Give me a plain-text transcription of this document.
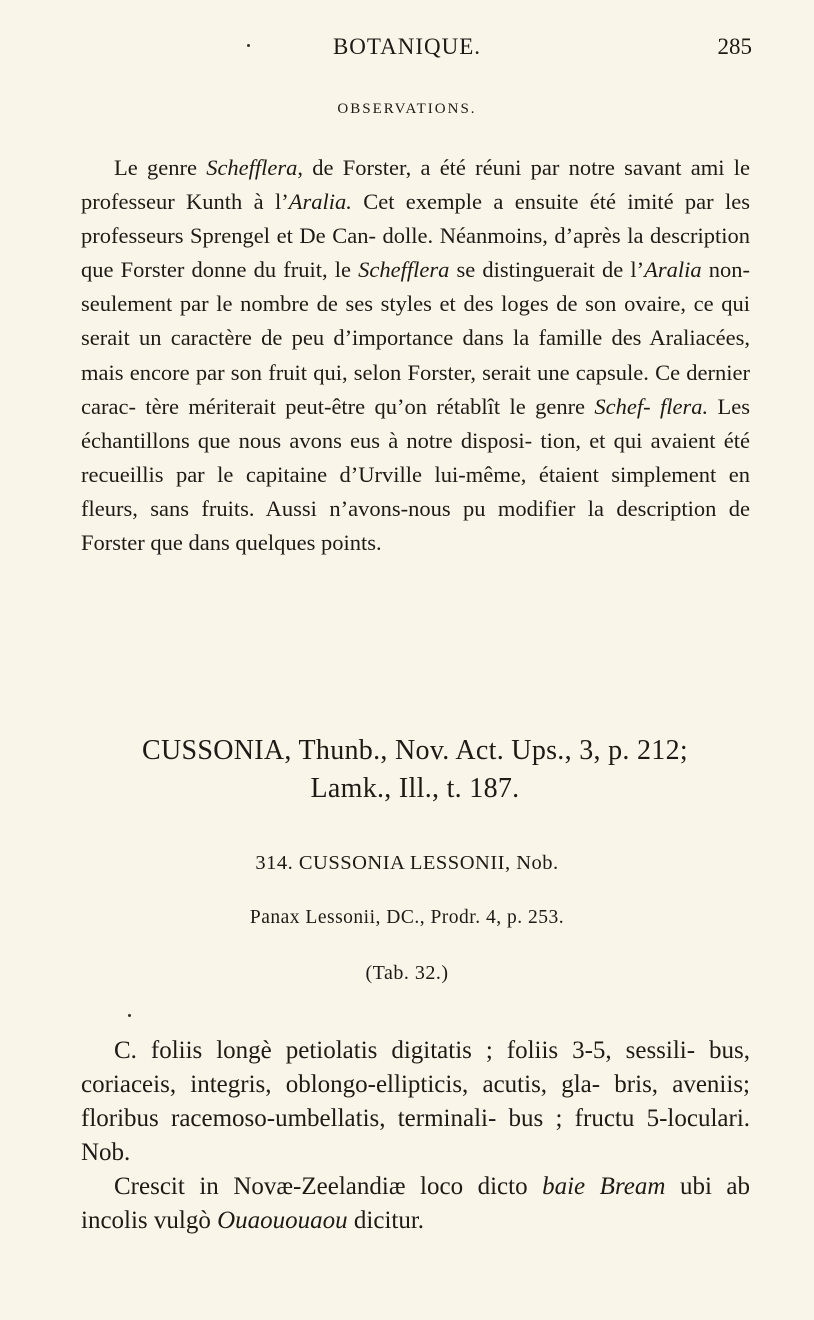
BOTANIQUE.	285
OBSERVATIONS.

Le genre Schefflera, de Forster, a été réuni par notre savant ami le professeur Kunth à l’Aralia. Cet exemple a ensuite été imité par les professeurs Sprengel et De Can- dolle. Néanmoins, d’après la description que Forster donne du fruit, le Schefflera se distinguerait de l’Aralia non- seulement par le nombre de ses styles et des loges de son ovaire, ce qui serait un caractère de peu d’importance dans la famille des Araliacées, mais encore par son fruit qui, selon Forster, serait une capsule. Ce dernier carac- tère mériterait peut-être qu’on rétablît le genre Schef- flera. Les échantillons que nous avons eus à notre disposi- tion, et qui avaient été recueillis par le capitaine d’Urville lui-même, étaient simplement en fleurs, sans fruits. Aussi n’avons-nous pu modifier la description de Forster que dans quelques points.

CUSSONIA, Thunb., Nov. Act. Ups., 3, p. 212;
Lamk., Ill., t. 187.
314. CUSSONIA LESSONII, Nob.
Panax Lessonii, DC., Prodr. 4, p. 253.
(Tab. 32.)

C. foliis longè petiolatis digitatis ; foliis 3-5, sessili- bus, coriaceis, integris, oblongo-ellipticis, acutis, gla- bris, aveniis; floribus racemoso-umbellatis, terminali- bus ; fructu 5-loculari. Nob.

Crescit in Novæ-Zeelandiæ loco dicto baie Bream ubi ab incolis vulgò Ouaououaou dicitur.
